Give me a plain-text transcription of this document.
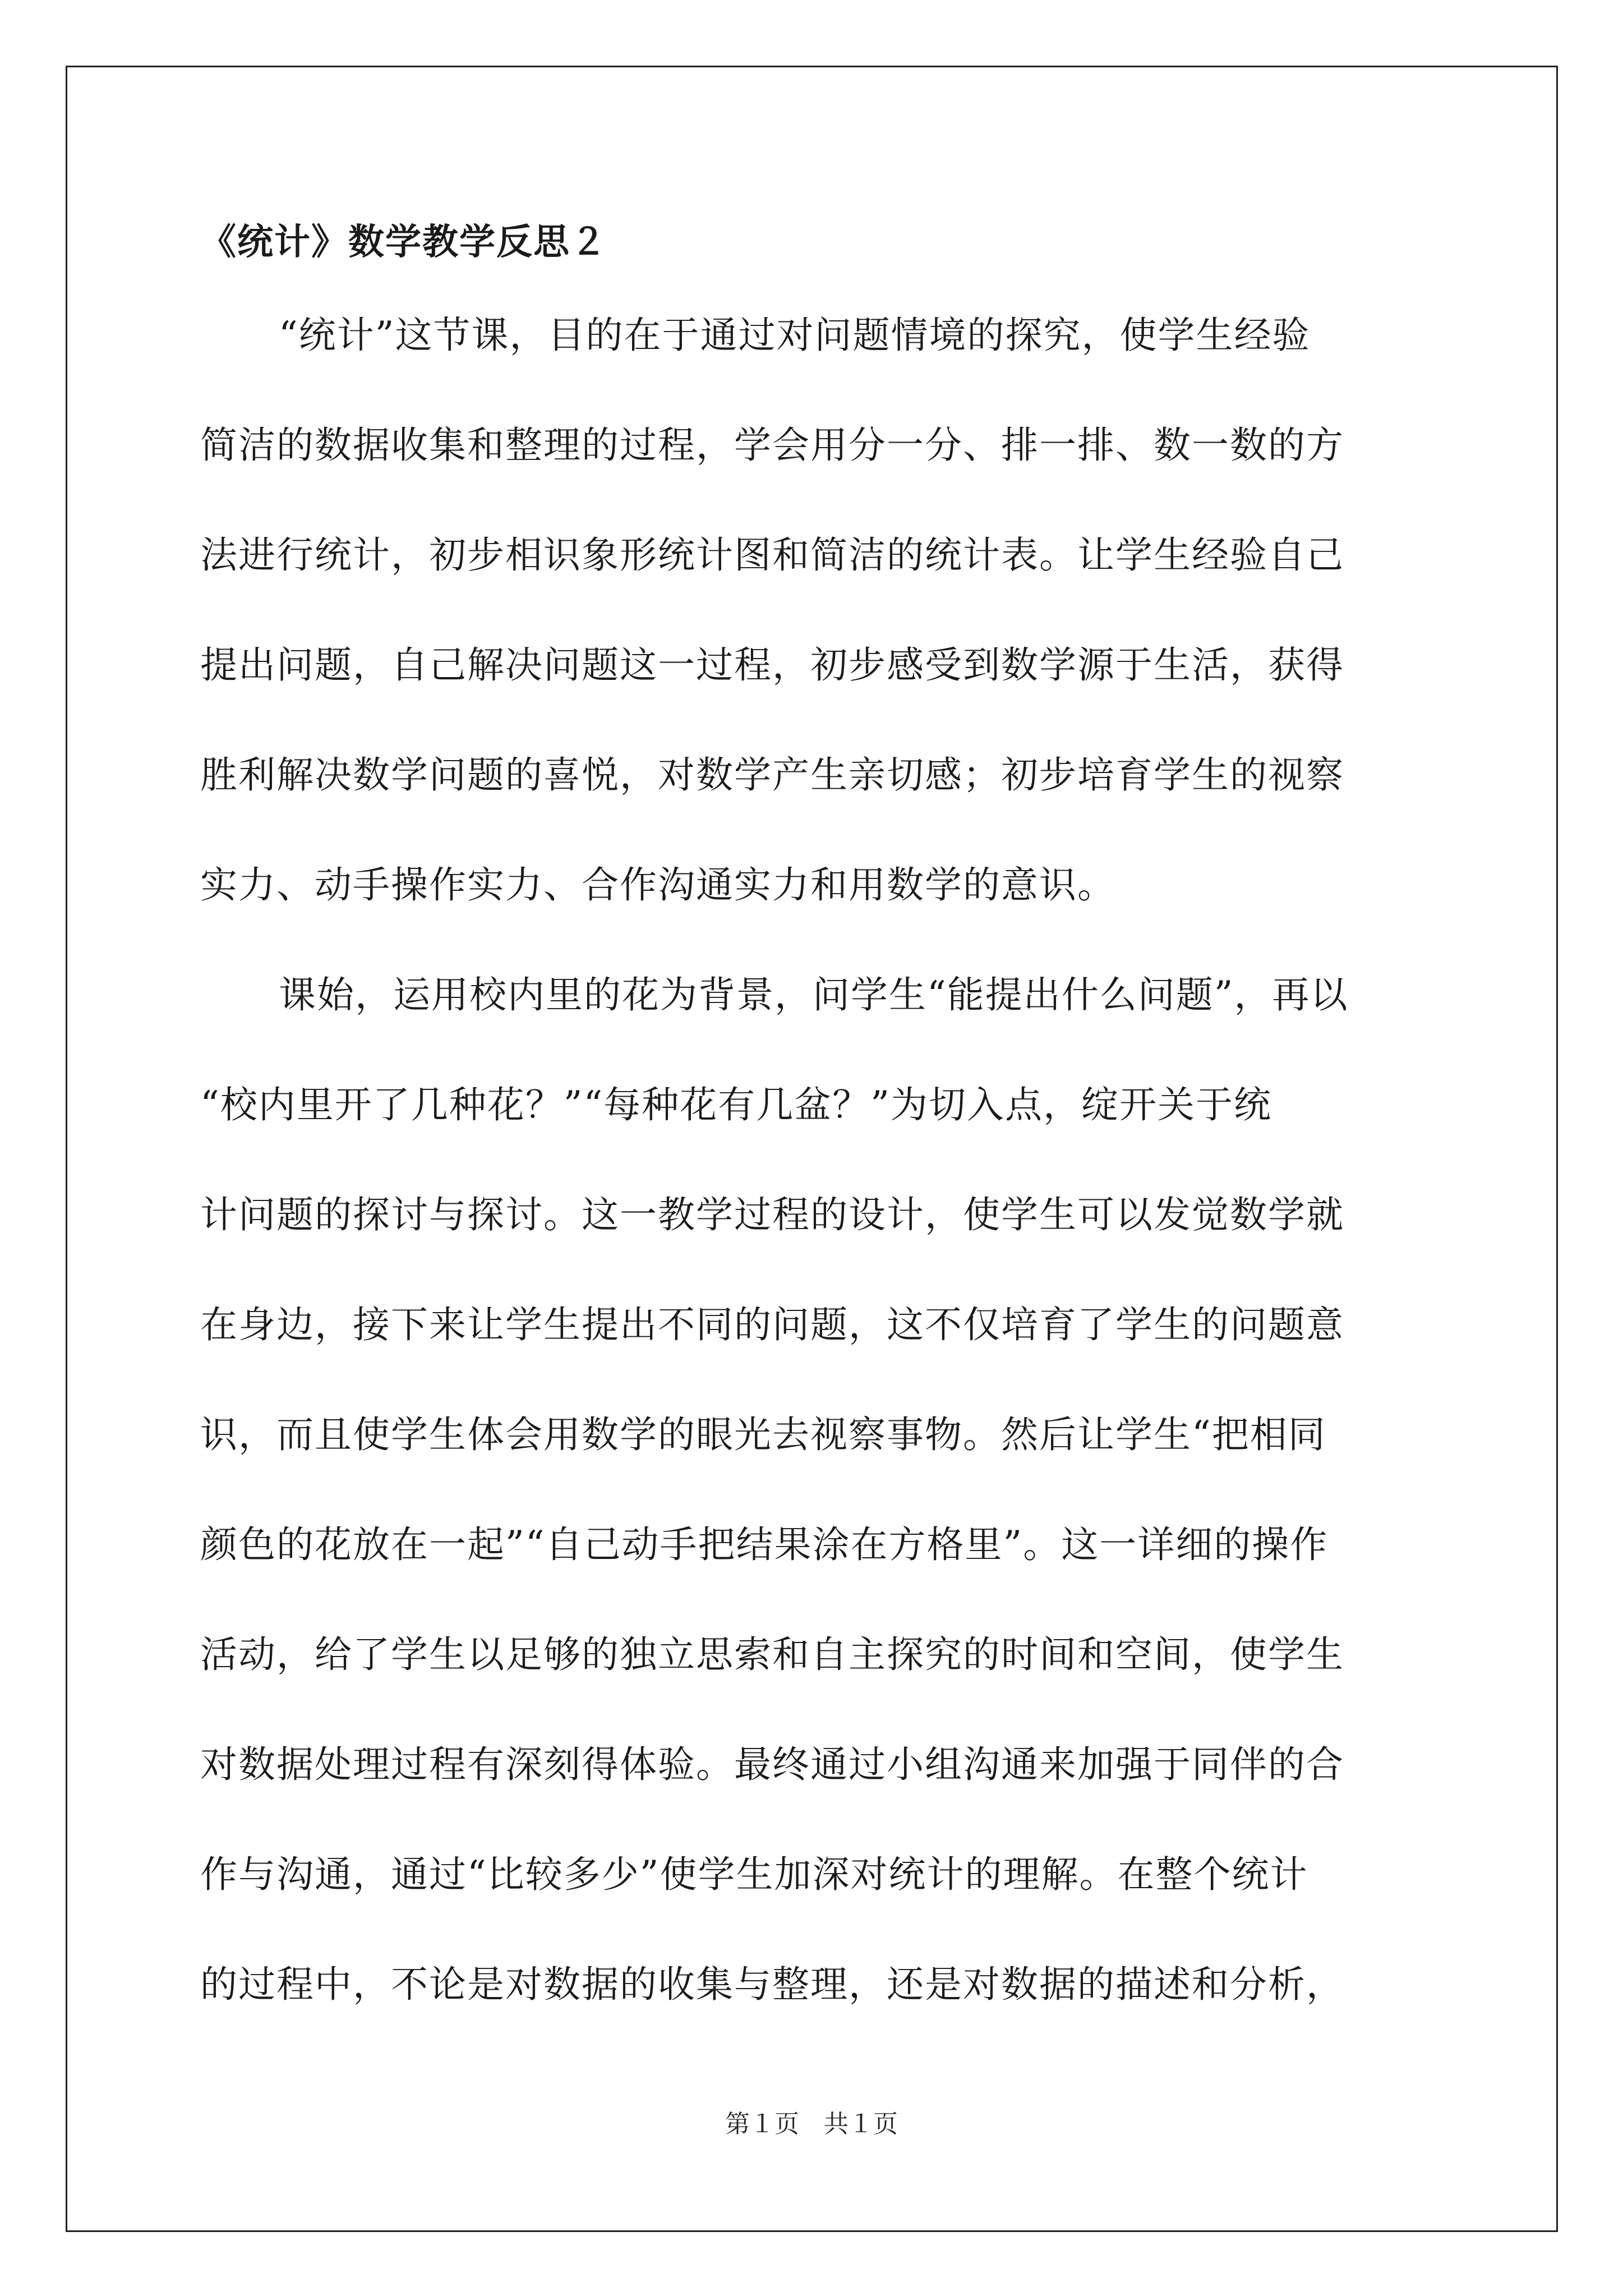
《统计》数学教学反思２

“统计”这节课，目的在于通过对问题情境的探究，使学生经验

简洁的数据收集和整理的过程，学会用分一分、排一排、数一数的方

法进行统计，初步相识象形统计图和简洁的统计表。让学生经验自己

提出问题，自己解决问题这一过程，初步感受到数学源于生活，获得

胜利解决数学问题的喜悦，对数学产生亲切感；初步培育学生的视察

实力、动手操作实力、合作沟通实力和用数学的意识。

课始，运用校内里的花为背景，问学生“能提出什么问题”，再以

“校内里开了几种花？”“每种花有几盆？”为切入点，绽开关于统

计问题的探讨与探讨。这一教学过程的设计，使学生可以发觉数学就

在身边，接下来让学生提出不同的问题，这不仅培育了学生的问题意

识，而且使学生体会用数学的眼光去视察事物。然后让学生“把相同

颜色的花放在一起”“自己动手把结果涂在方格里”。这一详细的操作

活动，给了学生以足够的独立思索和自主探究的时间和空间，使学生

对数据处理过程有深刻得体验。最终通过小组沟通来加强于同伴的合

作与沟通，通过“比较多少”使学生加深对统计的理解。在整个统计

的过程中，不论是对数据的收集与整理，还是对数据的描述和分析，

第１页 共１页
